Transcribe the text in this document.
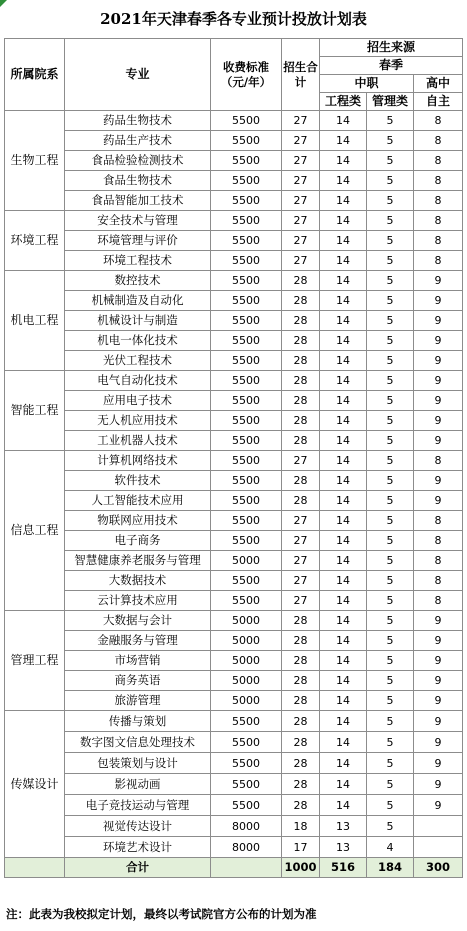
2021年天津春季各专业预计投放计划表
所属院系	专业	收费标准（元/年）	招生合计	招生来源		
				春季		
				中职		高中
				工程类	管理类	自主
生物工程	药品生物技术	5500	27	14	5	8
	药品生产技术	5500	27	14	5	8
	食品检验检测技术	5500	27	14	5	8
	食品生物技术	5500	27	14	5	8
	食品智能加工技术	5500	27	14	5	8
环境工程	安全技术与管理	5500	27	14	5	8
	环境管理与评价	5500	27	14	5	8
	环境工程技术	5500	27	14	5	8
机电工程	数控技术	5500	28	14	5	9
	机械制造及自动化	5500	28	14	5	9
	机械设计与制造	5500	28	14	5	9
	机电一体化技术	5500	28	14	5	9
	光伏工程技术	5500	28	14	5	9
智能工程	电气自动化技术	5500	28	14	5	9
	应用电子技术	5500	28	14	5	9
	无人机应用技术	5500	28	14	5	9
	工业机器人技术	5500	28	14	5	9
信息工程	计算机网络技术	5500	27	14	5	8
	软件技术	5500	28	14	5	9
	人工智能技术应用	5500	28	14	5	9
	物联网应用技术	5500	27	14	5	8
	电子商务	5500	27	14	5	8
	智慧健康养老服务与管理	5000	27	14	5	8
	大数据技术	5500	27	14	5	8
	云计算技术应用	5500	27	14	5	8
管理工程	大数据与会计	5000	28	14	5	9
	金融服务与管理	5000	28	14	5	9
	市场营销	5000	28	14	5	9
	商务英语	5000	28	14	5	9
	旅游管理	5000	28	14	5	9
传媒设计	传播与策划	5500	28	14	5	9
	数字图文信息处理技术	5500	28	14	5	9
	包装策划与设计	5500	28	14	5	9
	影视动画	5500	28	14	5	9
	电子竞技运动与管理	5500	28	14	5	9
	视觉传达设计	8000	18	13	5	
	环境艺术设计	8000	17	13	4	
	合计		1000	516	184	300
注：此表为我校拟定计划，最终以考试院官方公布的计划为准
